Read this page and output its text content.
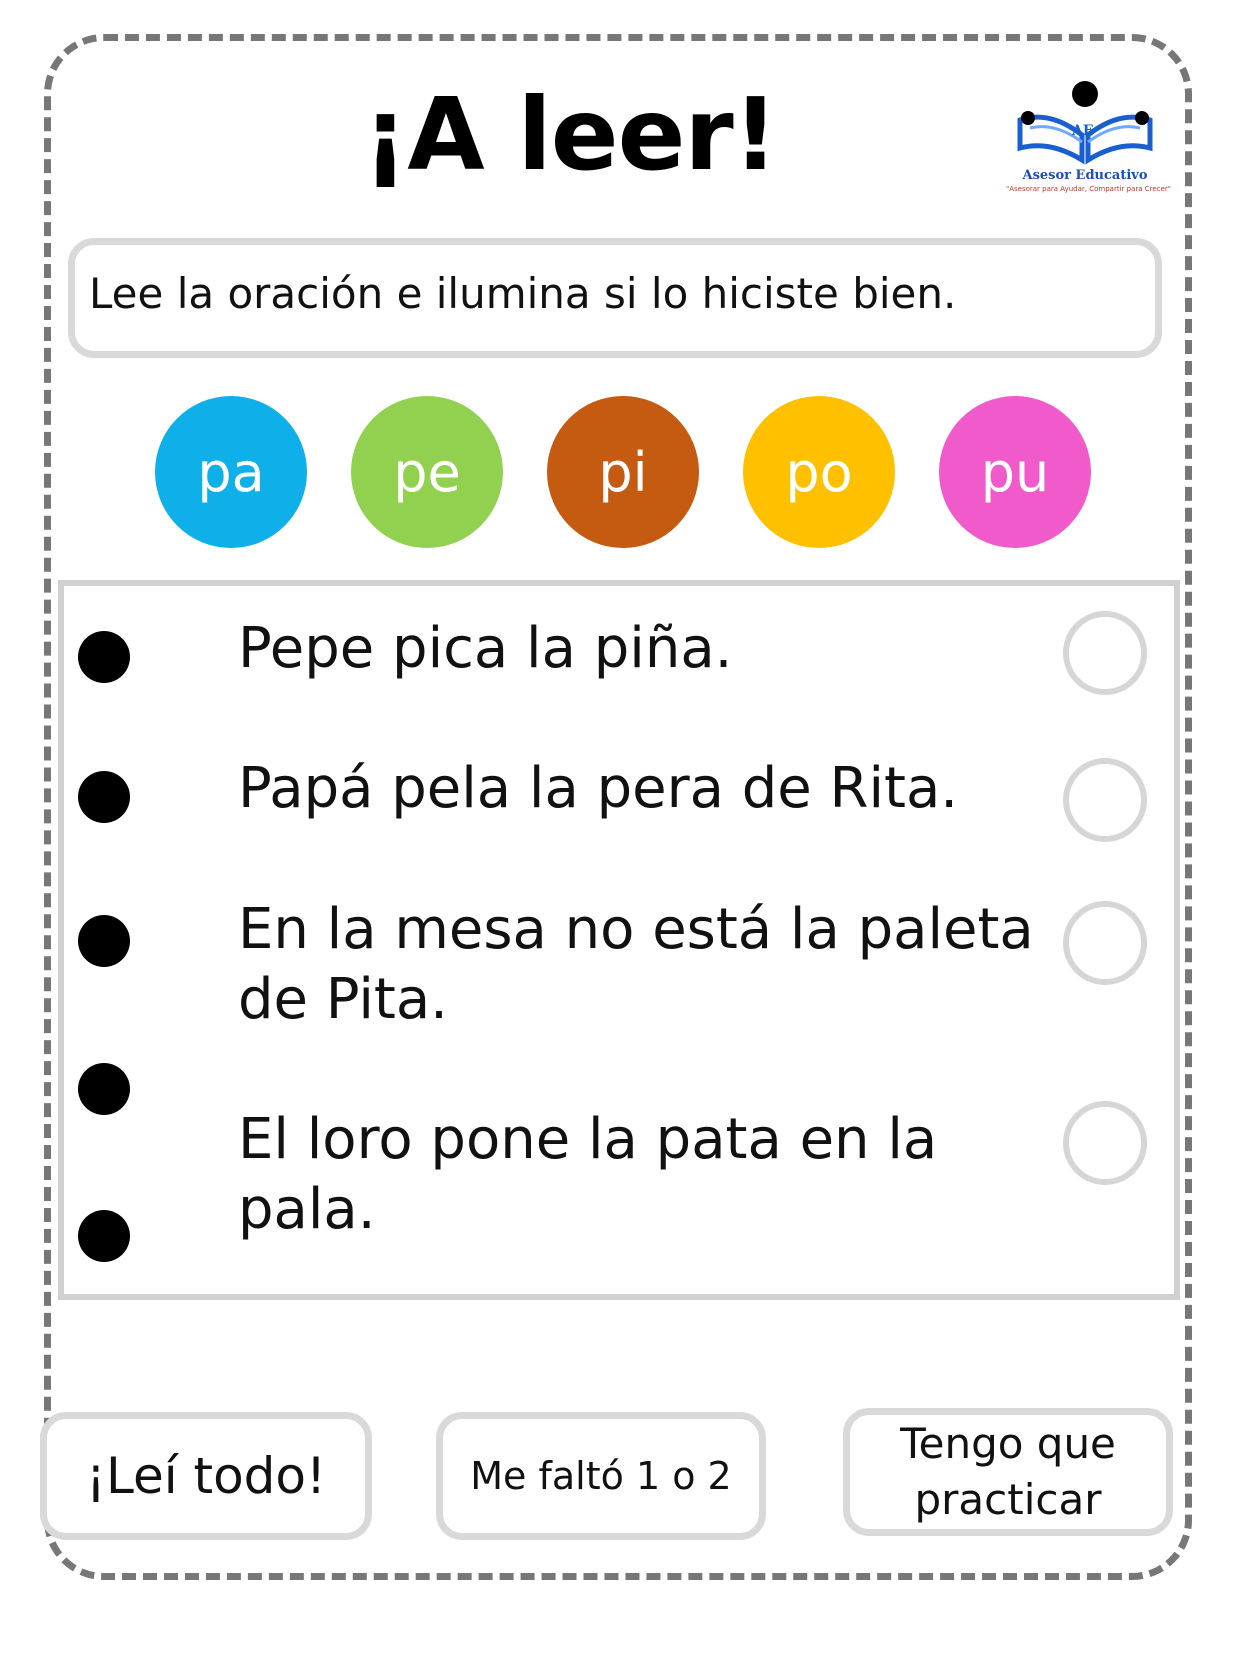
¡A leer!	AE
Asesor Educativo
"Asesorar para Ayudar, Compartir para Crecer"
Lee la oración e ilumina si lo hiciste bien.
pa pe	pi	po pu
Pepe pica la piña.
Papá pela la pera de Rita.
En la mesa no está la paleta de Pita.
El loro pone la pata en la pala.
¡Leí todo!	Me faltó 1 o 2
Tengo que practicar
